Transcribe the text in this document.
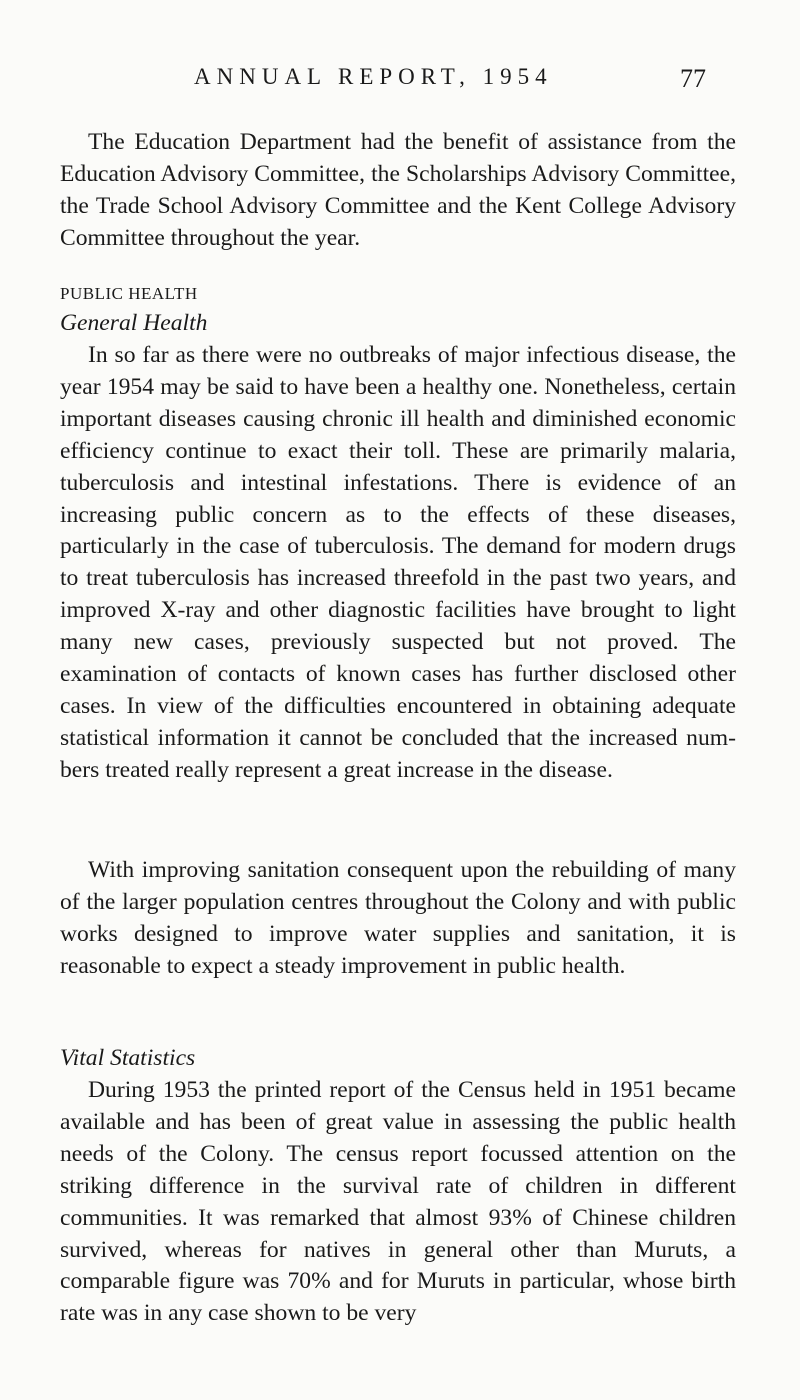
ANNUAL REPORT, 1954	77

The Education Department had the benefit of assistance from the Education Advisory Committee, the Scholarships Advisory Committee, the Trade School Advisory Committee and the Kent College Advisory Committee throughout the year.

PUBLIC HEALTH

General Health

In so far as there were no outbreaks of major infectious disease, the year 1954 may be said to have been a healthy one. Nonetheless, certain important diseases causing chronic ill health and diminished economic efficiency continue to exact their toll. These are primarily malaria, tuberculosis and intestinal infestations. There is evidence of an increasing public concern as to the effects of these diseases, particularly in the case of tuberculosis. The demand for modern drugs to treat tuberculosis has increased threefold in the past two years, and improved X-ray and other diagnostic facilities have brought to light many new cases, previously suspected but not proved. The examination of contacts of known cases has further disclosed other cases. In view of the difficulties encountered in obtaining adequate statistical information it cannot be concluded that the increased numbers treated really represent a great increase in the disease.

With improving sanitation consequent upon the rebuilding of many of the larger population centres throughout the Colony and with public works designed to improve water supplies and sanitation, it is reasonable to expect a steady improvement in public health.

Vital Statistics

During 1953 the printed report of the Census held in 1951 became available and has been of great value in assessing the public health needs of the Colony. The census report focussed attention on the striking difference in the survival rate of children in different communities. It was remarked that almost 93% of Chinese children survived, whereas for natives in general other than Muruts, a comparable figure was 70% and for Muruts in particular, whose birth rate was in any case shown to be very
